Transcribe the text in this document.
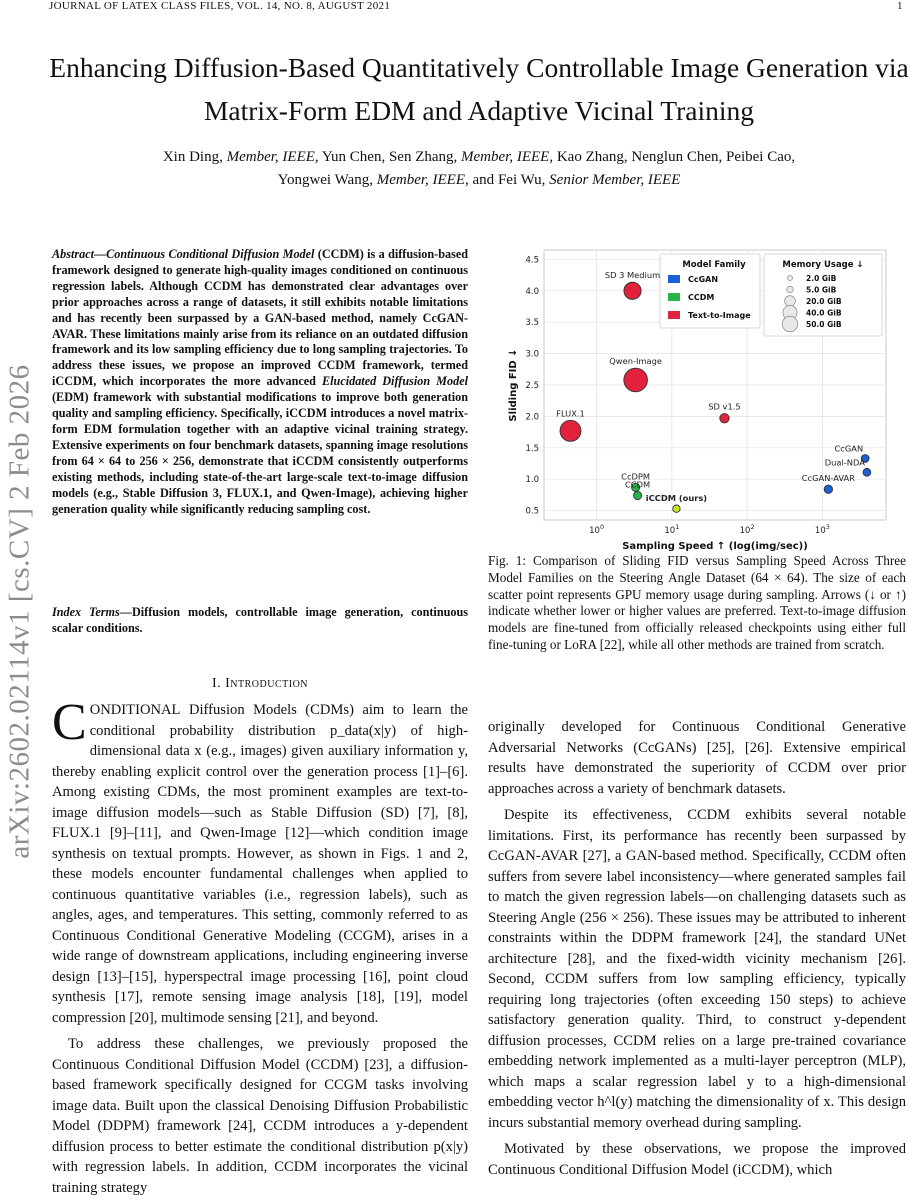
arXiv:2602.02114v1 [cs.CV] 2 Feb 2026
JOURNAL OF LATEX CLASS FILES, VOL. 14, NO. 8, AUGUST 2021	1
Enhancing Diffusion-Based Quantitatively Controllable Image Generation via Matrix-Form EDM and Adaptive Vicinal Training
Xin Ding, Member, IEEE, Yun Chen, Sen Zhang, Member, IEEE, Kao Zhang, Nenglun Chen, Peibei Cao,
Yongwei Wang, Member, IEEE, and Fei Wu, Senior Member, IEEE
Abstract—Continuous Conditional Diffusion Model (CCDM) is a diffusion-based framework designed to generate high-quality images conditioned on continuous regression labels. Although CCDM has demonstrated clear advantages over prior approaches across a range of datasets, it still exhibits notable limitations and has recently been surpassed by a GAN-based method, namely CcGAN-AVAR. These limitations mainly arise from its reliance on an outdated diffusion framework and its low sampling efficiency due to long sampling trajectories. To address these issues, we propose an improved CCDM framework, termed iCCDM, which incorporates the more advanced Elucidated Diffusion Model (EDM) framework with substantial modifications to improve both generation quality and sampling efficiency. Specifically, iCCDM introduces a novel matrix-form EDM formulation together with an adaptive vicinal training strategy. Extensive experiments on four benchmark datasets, spanning image resolutions from 64 × 64 to 256 × 256, demonstrate that iCCDM consistently outperforms existing methods, including state-of-the-art large-scale text-to-image diffusion models (e.g., Stable Diffusion 3, FLUX.1, and Qwen-Image), achieving higher generation quality while significantly reducing sampling cost.
Index Terms—Diffusion models, controllable image generation, continuous scalar conditions.
I. Introduction

CONDITIONAL Diffusion Models (CDMs) aim to learn the conditional probability distribution p_data(x|y) of high-dimensional data x (e.g., images) given auxiliary information y, thereby enabling explicit control over the generation process [1]–[6]. Among existing CDMs, the most prominent examples are text-to-image diffusion models—such as Stable Diffusion (SD) [7], [8], FLUX.1 [9]–[11], and Qwen-Image [12]—which condition image synthesis on textual prompts. However, as shown in Figs. 1 and 2, these models encounter fundamental challenges when applied to continuous quantitative variables (i.e., regression labels), such as angles, ages, and temperatures. This setting, commonly referred to as Continuous Conditional Generative Modeling (CCGM), arises in a wide range of downstream applications, including engineering inverse design [13]–[15], hyperspectral image processing [16], point cloud synthesis [17], remote sensing image analysis [18], [19], model compression [20], multimode sensing [21], and beyond.

To address these challenges, we previously proposed the Continuous Conditional Diffusion Model (CCDM) [23], a diffusion-based framework specifically designed for CCGM tasks involving image data. Built upon the classical Denoising Diffusion Probabilistic Model (DDPM) framework [24], CCDM introduces a y-dependent diffusion process to better estimate the conditional distribution p(x|y) with regression labels. In addition, CCDM incorporates the vicinal training strategy

originally developed for Continuous Conditional Generative Adversarial Networks (CcGANs) [25], [26]. Extensive empirical results have demonstrated the superiority of CCDM over prior approaches across a variety of benchmark datasets.

Despite its effectiveness, CCDM exhibits several notable limitations. First, its performance has recently been surpassed by CcGAN-AVAR [27], a GAN-based method. Specifically, CCDM often suffers from severe label inconsistency—where generated samples fail to match the given regression labels—on challenging datasets such as Steering Angle (256 × 256). These issues may be attributed to inherent constraints within the DDPM framework [24], the standard UNet architecture [28], and the fixed-width vicinity mechanism [26]. Second, CCDM suffers from low sampling efficiency, typically requiring long trajectories (often exceeding 150 steps) to achieve satisfactory generation quality. Third, to construct y-dependent diffusion processes, CCDM relies on a large pre-trained covariance embedding network implemented as a multi-layer perceptron (MLP), which maps a scalar regression label y to a high-dimensional embedding vector h^l(y) matching the dimensionality of x. This design incurs substantial memory overhead during sampling.

Motivated by these observations, we propose the improved Continuous Conditional Diffusion Model (iCCDM), which

0.5
1.0
1.5
2.0
2.5
3.0
3.5
4.0
4.5
$10^0$	$10^1$	$10^2$	$10^3$
Sampling Speed ↑ (log(img/sec))
Sliding FID ↓
Model Family
CcGAN
CCDM
Text-to-Image
Memory Usage ↓
2.0 GiB
5.0 GiB
20.0 GiB
40.0 GiB
50.0 GiB
SD 3 Medium
Qwen-Image
FLUX.1
SD v1.5
CcGAN
Dual-NDA
CcGAN-AVAR
CcDPM
CCDM
iCCDM (ours)
Fig. 1: Comparison of Sliding FID versus Sampling Speed Across Three Model Families on the Steering Angle Dataset (64 × 64). The size of each scatter point represents GPU memory usage during sampling. Arrows (↓ or ↑) indicate whether lower or higher values are preferred. Text-to-image diffusion models are fine-tuned from officially released checkpoints using either full fine-tuning or LoRA [22], while all other methods are trained from scratch.
